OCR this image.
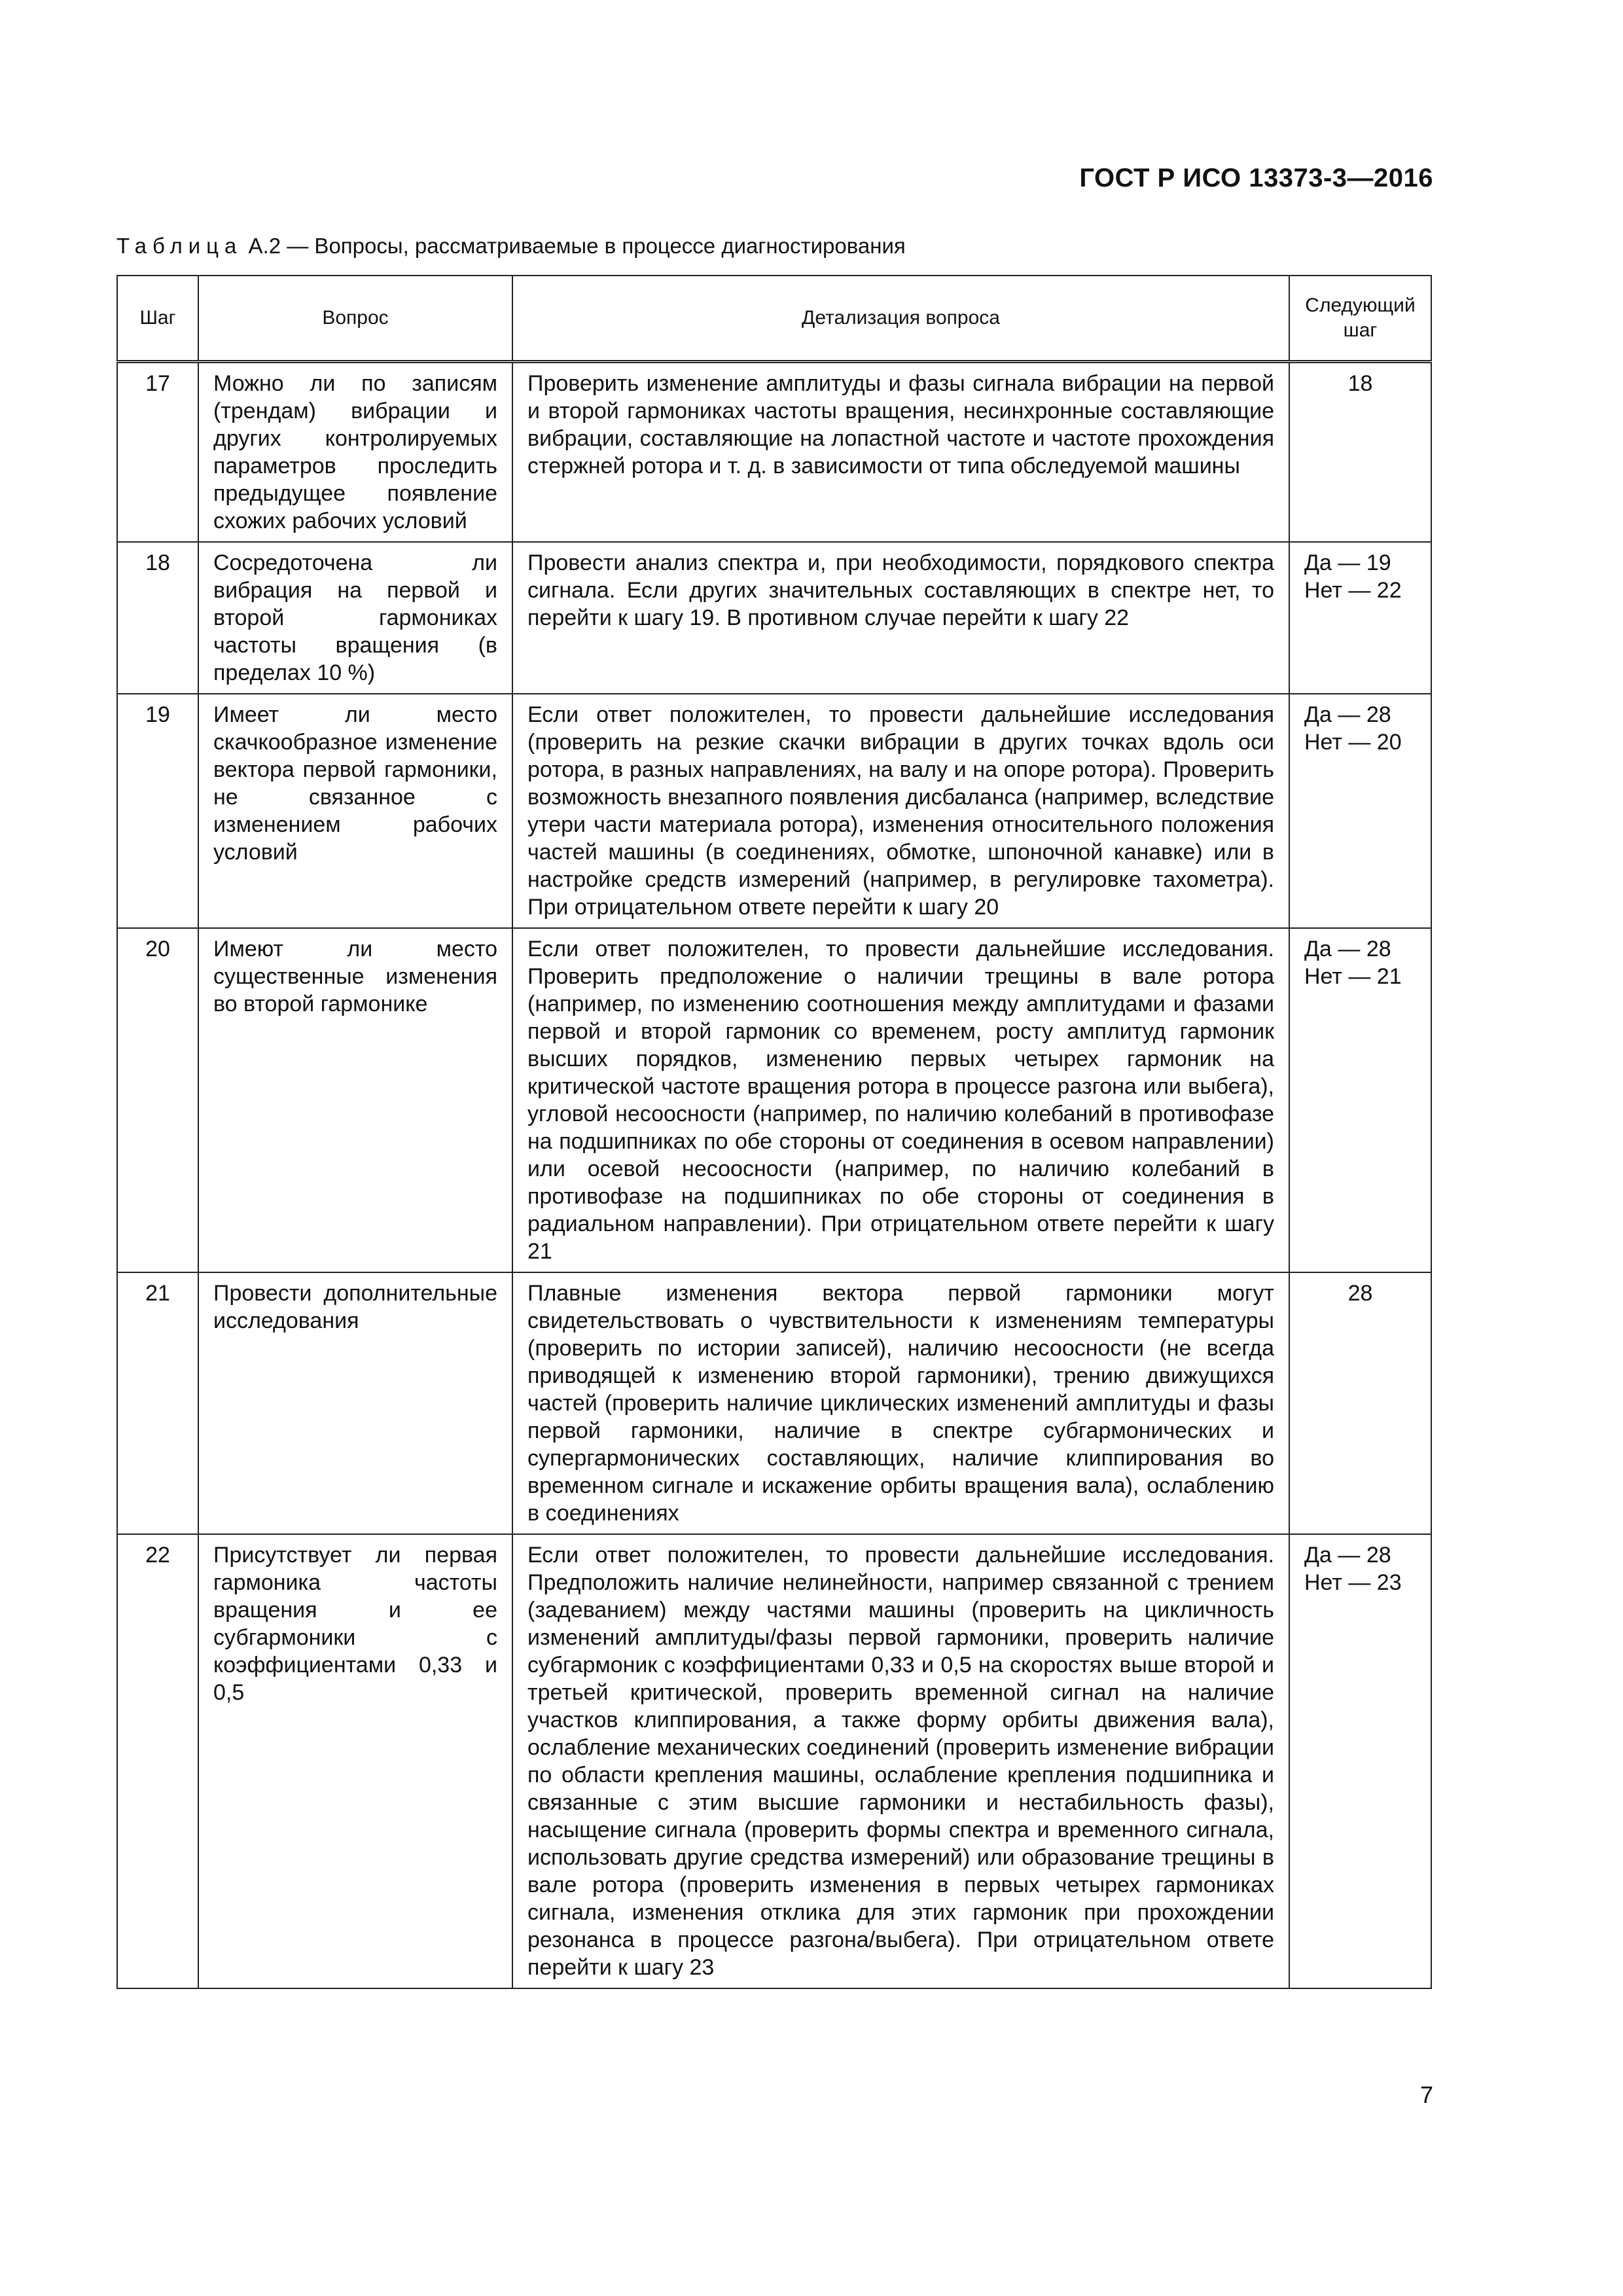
ГОСТ Р ИСО 13373-3—2016
Таблица А.2 — Вопросы, рассматриваемые в процессе диагностирования
Шаг	Вопрос	Детализация вопроса	Следующий шаг
17	Можно ли по записям (трендам) вибрации и других контролируемых параметров проследить предыдущее появление схожих рабочих условий	Проверить изменение амплитуды и фазы сигнала вибрации на первой и второй гармониках частоты вращения, несинхронные составляющие вибрации, составляющие на лопастной частоте и частоте прохождения стержней ротора и т. д. в зависимости от типа обследуемой машины	18

18	Сосредоточена ли вибрация на первой и второй гармониках частоты вращения (в пределах 10 %)	Провести анализ спектра и, при необходимости, порядкового спектра сигнала. Если других значительных составляющих в спектре нет, то перейти к шагу 19. В противном случае перейти к шагу 22	Да — 19
Нет — 22

19	Имеет ли место скачкообразное изменение вектора первой гармоники, не связанное с изменением рабочих условий	Если ответ положителен, то провести дальнейшие исследования (проверить на резкие скачки вибрации в других точках вдоль оси ротора, в разных направлениях, на валу и на опоре ротора). Проверить возможность внезапного появления дисбаланса (например, вследствие утери части материала ротора), изменения относительного положения частей машины (в соединениях, обмотке, шпоночной канавке) или в настройке средств измерений (например, в регулировке тахометра). При отрицательном ответе перейти к шагу 20	Да — 28
Нет — 20

20	Имеют ли место существенные изменения во второй гармонике	Если ответ положителен, то провести дальнейшие исследования. Проверить предположение о наличии трещины в вале ротора (например, по изменению соотношения между амплитудами и фазами первой и второй гармоник со временем, росту амплитуд гармоник высших порядков, изменению первых четырех гармоник на критической частоте вращения ротора в процессе разгона или выбега), угловой несоосности (например, по наличию колебаний в противофазе на подшипниках по обе стороны от соединения в осевом направлении) или осевой несоосности (например, по наличию колебаний в противофазе на подшипниках по обе стороны от соединения в радиальном направлении). При отрицательном ответе перейти к шагу 21	Да — 28
Нет — 21

21	Провести дополнительные исследования	Плавные изменения вектора первой гармоники могут свидетельствовать о чувствительности к изменениям температуры (проверить по истории записей), наличию несоосности (не всегда приводящей к изменению второй гармоники), трению движущихся частей (проверить наличие циклических изменений амплитуды и фазы первой гармоники, наличие в спектре субгармонических и супергармонических составляющих, наличие клиппирования во временном сигнале и искажение орбиты вращения вала), ослаблению в соединениях	28

22	Присутствует ли первая гармоника частоты вращения и ее субгармоники с коэффициентами 0,33 и 0,5	Если ответ положителен, то провести дальнейшие исследования. Предположить наличие нелинейности, например связанной с трением (задеванием) между частями машины (проверить на цикличность изменений амплитуды/фазы первой гармоники, проверить наличие субгармоник с коэффициентами 0,33 и 0,5 на скоростях выше второй и третьей критической, проверить временной сигнал на наличие участков клиппирования, а также форму орбиты движения вала), ослабление механических соединений (проверить изменение вибрации по области крепления машины, ослабление крепления подшипника и связанные с этим высшие гармоники и нестабильность фазы), насыщение сигнала (проверить формы спектра и временного сигнала, использовать другие средства измерений) или образование трещины в вале ротора (проверить изменения в первых четырех гармониках сигнала, изменения отклика для этих гармоник при прохождении резонанса в процессе разгона/выбега). При отрицательном ответе перейти к шагу 23	Да — 28
Нет — 23
7
